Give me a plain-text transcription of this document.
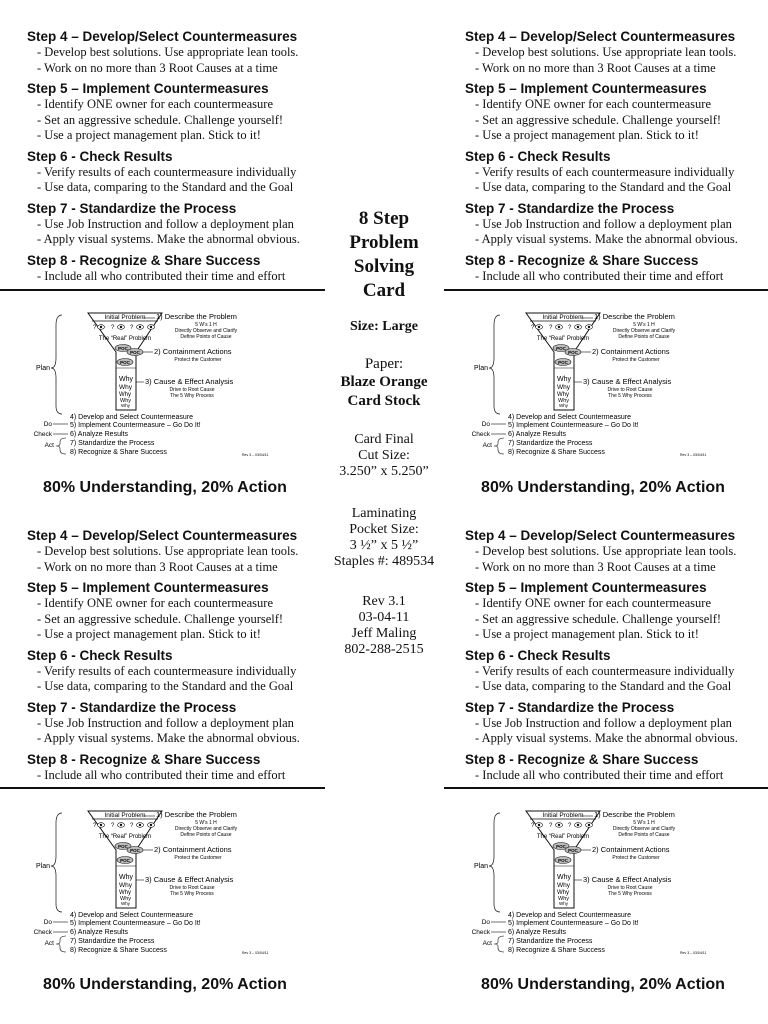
Step 4 – Develop/Select Countermeasures
- Develop best solutions. Use appropriate lean tools.
- Work on no more than 3 Root Causes at a time
Step 5 – Implement Countermeasures
- Identify ONE owner for each countermeasure
- Set an aggressive schedule. Challenge yourself!
- Use a project management plan. Stick to it!
Step 6 - Check Results
- Verify results of each countermeasure individually
- Use data, comparing to the Standard and the Goal
Step 7 - Standardize the Process
- Use Job Instruction and follow a deployment plan
- Apply visual systems. Make the abnormal obvious.
Step 8 - Recognize & Share Success
- Include all who contributed their time and effort
Step 4 – Develop/Select Countermeasures
- Develop best solutions. Use appropriate lean tools.
- Work on no more than 3 Root Causes at a time
Step 5 – Implement Countermeasures
- Identify ONE owner for each countermeasure
- Set an aggressive schedule. Challenge yourself!
- Use a project management plan. Stick to it!
Step 6 - Check Results
- Verify results of each countermeasure individually
- Use data, comparing to the Standard and the Goal
Step 7 - Standardize the Process
- Use Job Instruction and follow a deployment plan
- Apply visual systems. Make the abnormal obvious.
Step 8 - Recognize & Share Success
- Include all who contributed their time and effort
Step 4 – Develop/Select Countermeasures
- Develop best solutions. Use appropriate lean tools.
- Work on no more than 3 Root Causes at a time
Step 5 – Implement Countermeasures
- Identify ONE owner for each countermeasure
- Set an aggressive schedule. Challenge yourself!
- Use a project management plan. Stick to it!
Step 6 - Check Results
- Verify results of each countermeasure individually
- Use data, comparing to the Standard and the Goal
Step 7 - Standardize the Process
- Use Job Instruction and follow a deployment plan
- Apply visual systems. Make the abnormal obvious.
Step 8 - Recognize & Share Success
- Include all who contributed their time and effort
Step 4 – Develop/Select Countermeasures
- Develop best solutions. Use appropriate lean tools.
- Work on no more than 3 Root Causes at a time
Step 5 – Implement Countermeasures
- Identify ONE owner for each countermeasure
- Set an aggressive schedule. Challenge yourself!
- Use a project management plan. Stick to it!
Step 6 - Check Results
- Verify results of each countermeasure individually
- Use data, comparing to the Standard and the Goal
Step 7 - Standardize the Process
- Use Job Instruction and follow a deployment plan
- Apply visual systems. Make the abnormal obvious.
Step 8 - Recognize & Share Success
- Include all who contributed their time and effort
Initial Problem
? ?	?
The “Real” Problem
POC
POC
POC
Why
Why
Why
Why
Why
Plan
Do
Check
Act
1) Describe the Problem
5 W’s 1 H
Directly Observe and Clarify
Define Points of Cause
2) Containment Actions
Protect the Customer
3) Cause & Effect Analysis
Drive to Root Cause
The 5 Why Process
4) Develop and Select Countermeasure
5) Implement Countermeasure – Go Do It!
6) Analyze Results
7) Standardize the Process
8) Recognize & Share Success	Rev 3 – 03/04/11
Initial Problem
? ?	?
The “Real” Problem
POC
POC
POC
Why
Why
Why
Why
Why
Plan
Do
Check
Act
1) Describe the Problem
5 W’s 1 H
Directly Observe and Clarify
Define Points of Cause
2) Containment Actions
Protect the Customer
3) Cause & Effect Analysis
Drive to Root Cause
The 5 Why Process
4) Develop and Select Countermeasure
5) Implement Countermeasure – Go Do It!
6) Analyze Results
7) Standardize the Process
8) Recognize & Share Success	Rev 3 – 03/04/11
Initial Problem
? ?	?
The “Real” Problem
POC
POC
POC
Why
Why
Why
Why
Why
Plan
Do
Check
Act
1) Describe the Problem
5 W’s 1 H
Directly Observe and Clarify
Define Points of Cause
2) Containment Actions
Protect the Customer
3) Cause & Effect Analysis
Drive to Root Cause
The 5 Why Process
4) Develop and Select Countermeasure
5) Implement Countermeasure – Go Do It!
6) Analyze Results
7) Standardize the Process
8) Recognize & Share Success	Rev 3 – 03/04/11
Initial Problem
? ?	?
The “Real” Problem
POC
POC
POC
Why
Why
Why
Why
Why
Plan
Do
Check
Act
1) Describe the Problem
5 W’s 1 H
Directly Observe and Clarify
Define Points of Cause
2) Containment Actions
Protect the Customer
3) Cause & Effect Analysis
Drive to Root Cause
The 5 Why Process
4) Develop and Select Countermeasure
5) Implement Countermeasure – Go Do It!
6) Analyze Results
7) Standardize the Process
8) Recognize & Share Success	Rev 3 – 03/04/11
80% Understanding, 20% Action	80% Understanding, 20% Action
80% Understanding, 20% Action	80% Understanding, 20% Action
8 Step
Problem
Solving
Card
Size: Large
Paper:
Blaze Orange
Card Stock
Card Final
Cut Size:
3.250” x 5.250”
Laminating
Pocket Size:
3 ½” x 5 ½”
Staples #: 489534
Rev 3.1
03-04-11
Jeff Maling
802-288-2515
